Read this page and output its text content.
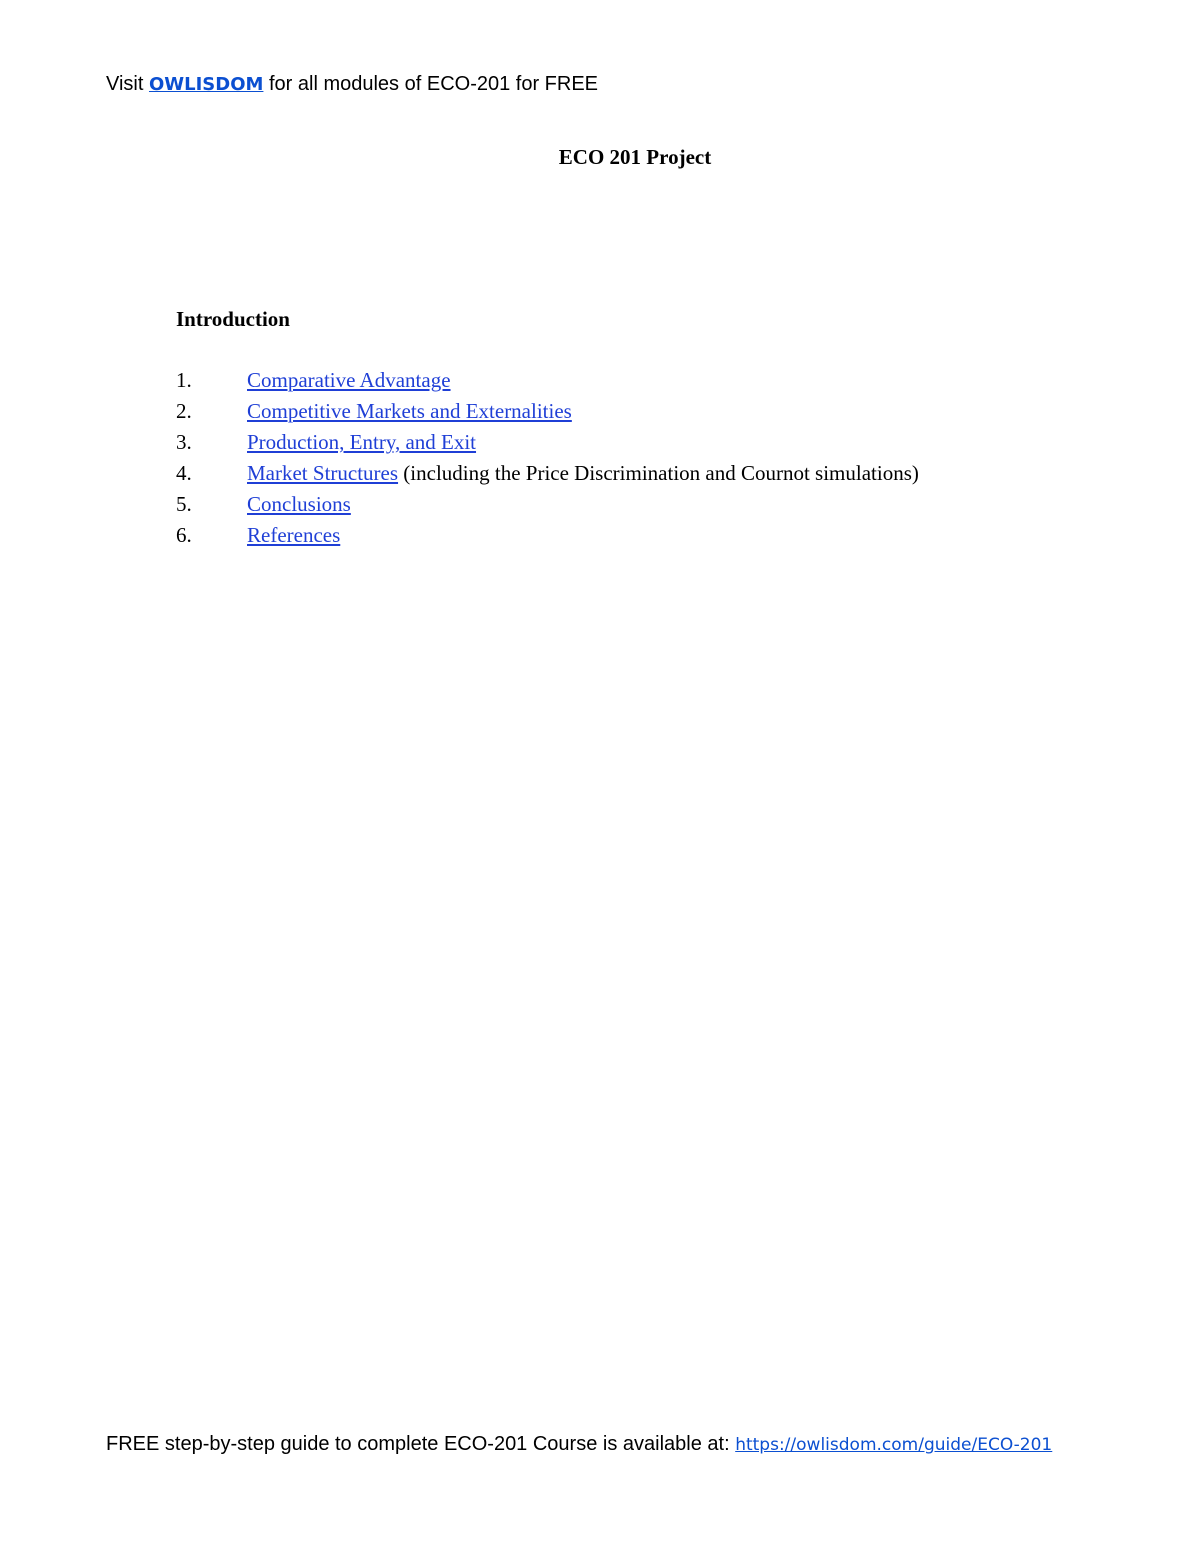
Visit OWLISDOM for all modules of ECO-201 for FREE
ECO 201 Project
Introduction
1.	Comparative Advantage
2.	Competitive Markets and Externalities
3.	Production, Entry, and Exit
4.	Market Structures (including the Price Discrimination and Cournot simulations)
5.	Conclusions
6.	References
FREE step-by-step guide to complete ECO-201 Course is available at: https://owlisdom.com/guide/ECO-201
